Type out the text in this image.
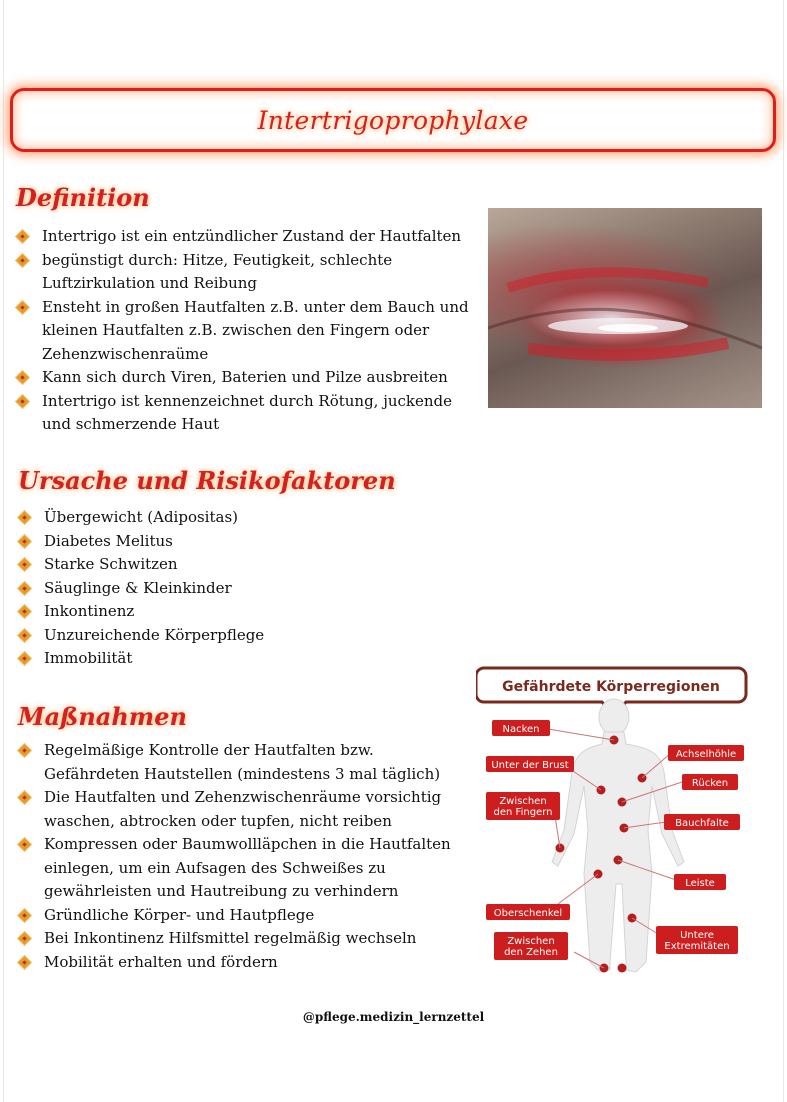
Intertrigoprophylaxe
Definition
Intertrigo ist ein entzündlicher Zustand der Hautfalten
begünstigt durch: Hitze, Feutigkeit, schlechte Luftzirkulation und Reibung
Ensteht in großen Hautfalten z.B. unter dem Bauch und kleinen Hautfalten z.B. zwischen den Fingern oder Zehenzwischenraüme
Kann sich durch Viren, Baterien und Pilze ausbreiten
Intertrigo ist kennenzeichnet durch Rötung, juckende und schmerzende Haut
Ursache und Risikofaktoren
Übergewicht (Adipositas)
Diabetes Melitus
Starke Schwitzen
Säuglinge & Kleinkinder
Inkontinenz
Unzureichende Körperpflege
Immobilität
Maßnahmen
Regelmäßige Kontrolle der Hautfalten bzw. Gefährdeten Hautstellen (mindestens 3 mal täglich)
Die Hautfalten und Zehenzwischenräume vorsichtig waschen, abtrocken oder tupfen, nicht reiben
Kompressen oder Baumwollläpchen in die Hautfalten einlegen, um ein Aufsagen des Schweißes zu gewährleisten und Hautreibung zu verhindern
Gründliche Körper- und Hautpflege
Bei Inkontinenz Hilfsmittel regelmäßig wechseln
Mobilität erhalten und fördern
Gefährdete Körperregionen
Nacken
Achselhöhle
Unter der Brust
Rücken
Zwischen
den Fingern
Bauchfalte
Leiste
Oberschenkel
Untere
Extremitäten
Zwischen
den Zehen
@pflege.medizin_lernzettel
